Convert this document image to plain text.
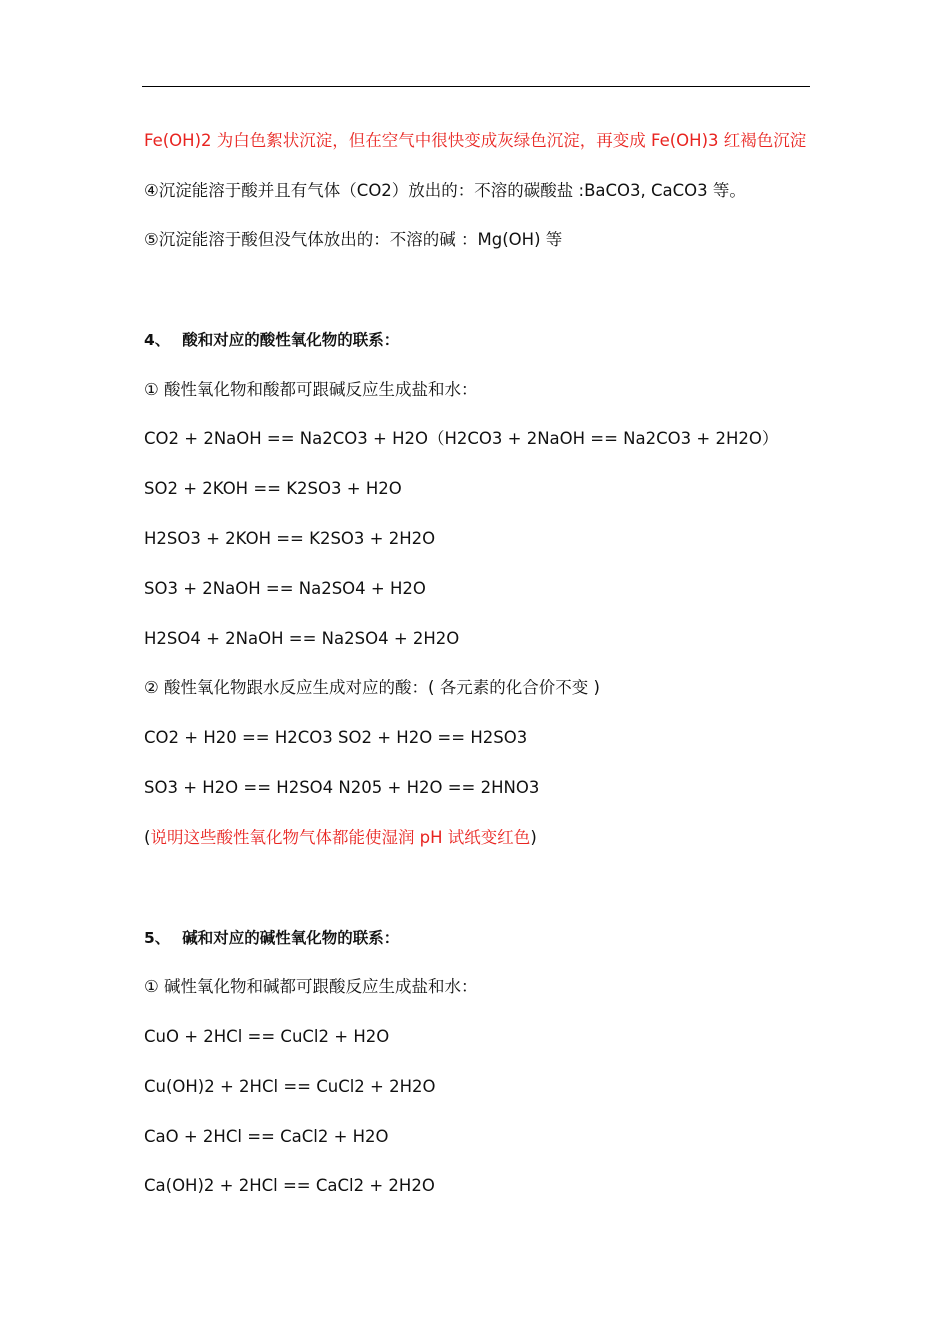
Fe(OH)2 为白色絮状沉淀，但在空气中很快变成灰绿色沉淀，再变成 Fe(OH)3 红褐色沉淀

④沉淀能溶于酸并且有气体（CO2）放出的：不溶的碳酸盐 :BaCO3, CaCO3 等。

⑤沉淀能溶于酸但没气体放出的：不溶的碱 ：Mg(OH) 等

4、 酸和对应的酸性氧化物的联系：

① 酸性氧化物和酸都可跟碱反应生成盐和水：

CO2 + 2NaOH == Na2CO3 + H2O（H2CO3 + 2NaOH == Na2CO3 + 2H2O）

SO2 + 2KOH == K2SO3 + H2O

H2SO3 + 2KOH == K2SO3 + 2H2O

SO3 + 2NaOH == Na2SO4 + H2O

H2SO4 + 2NaOH == Na2SO4 + 2H2O

② 酸性氧化物跟水反应生成对应的酸：( 各元素的化合价不变 )

CO2 + H20 == H2CO3 SO2 + H2O == H2SO3

SO3 + H2O == H2SO4 N205 + H2O == 2HNO3

(说明这些酸性氧化物气体都能使湿润 pH 试纸变红色)

5、 碱和对应的碱性氧化物的联系：

① 碱性氧化物和碱都可跟酸反应生成盐和水：

CuO + 2HCl == CuCl2 + H2O

Cu(OH)2 + 2HCl == CuCl2 + 2H2O

CaO + 2HCl == CaCl2 + H2O

Ca(OH)2 + 2HCl == CaCl2 + 2H2O
